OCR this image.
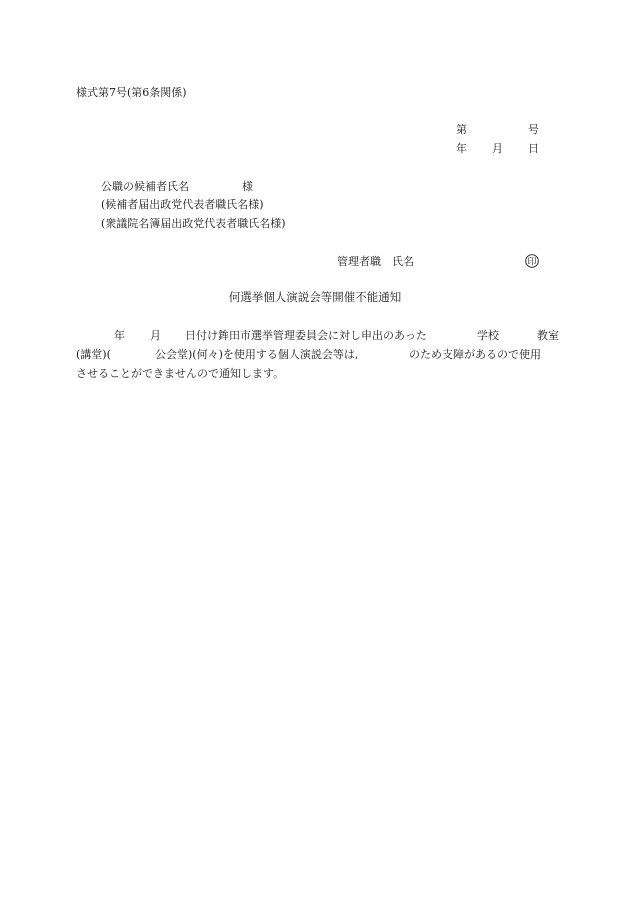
様式第7号(第6条関係)
第	号
年 月 日
公職の候補者氏名	様
(候補者届出政党代表者職氏名様)
(衆議院名簿届出政党代表者職氏名様)
管理者職　氏名	印
何選挙個人演説会等開催不能通知
年 月 日付け鉾田市選挙管理委員会に対し申出のあった	学校	教室
(講堂)(	公会堂)(何々)を使用する個人演説会等は,	のため支障があるので使用
させることができませんので通知します。
